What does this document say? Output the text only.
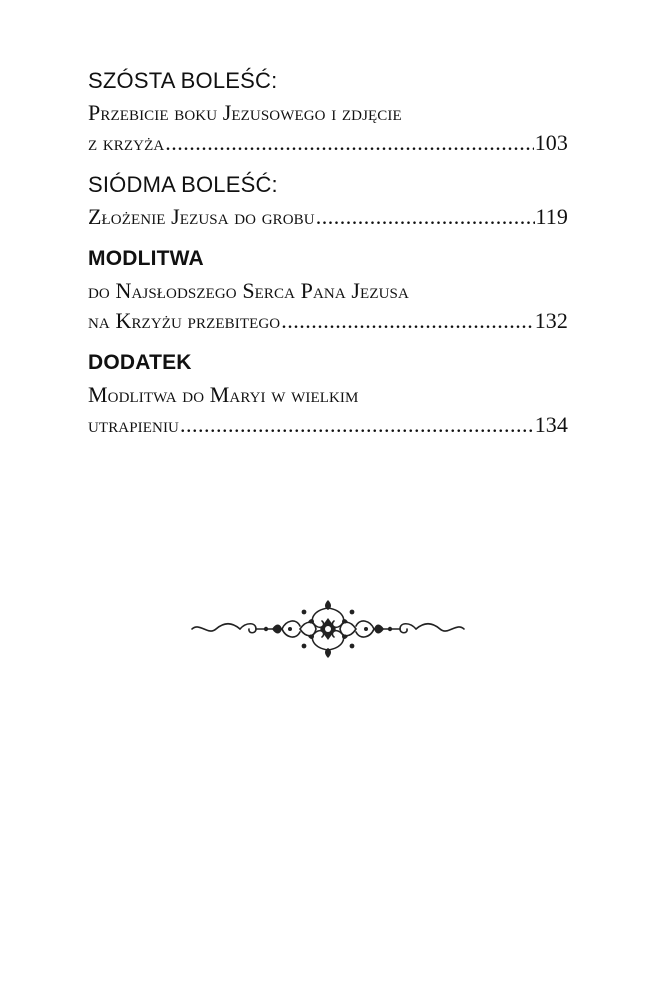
SZÓSTA BOLEŚĆ:

Przebicie boku Jezusowego i zdjęcie

z krzyża .....	103

SIÓDMA BOLEŚĆ:

Złożenie Jezusa do grobu .....	119

MODLITWA

do Najsłodszego Serca Pana Jezusa

na Krzyżu przebitego .....	132

DODATEK

Modlitwa do Maryi w wielkim

utrapieniu .....	134
